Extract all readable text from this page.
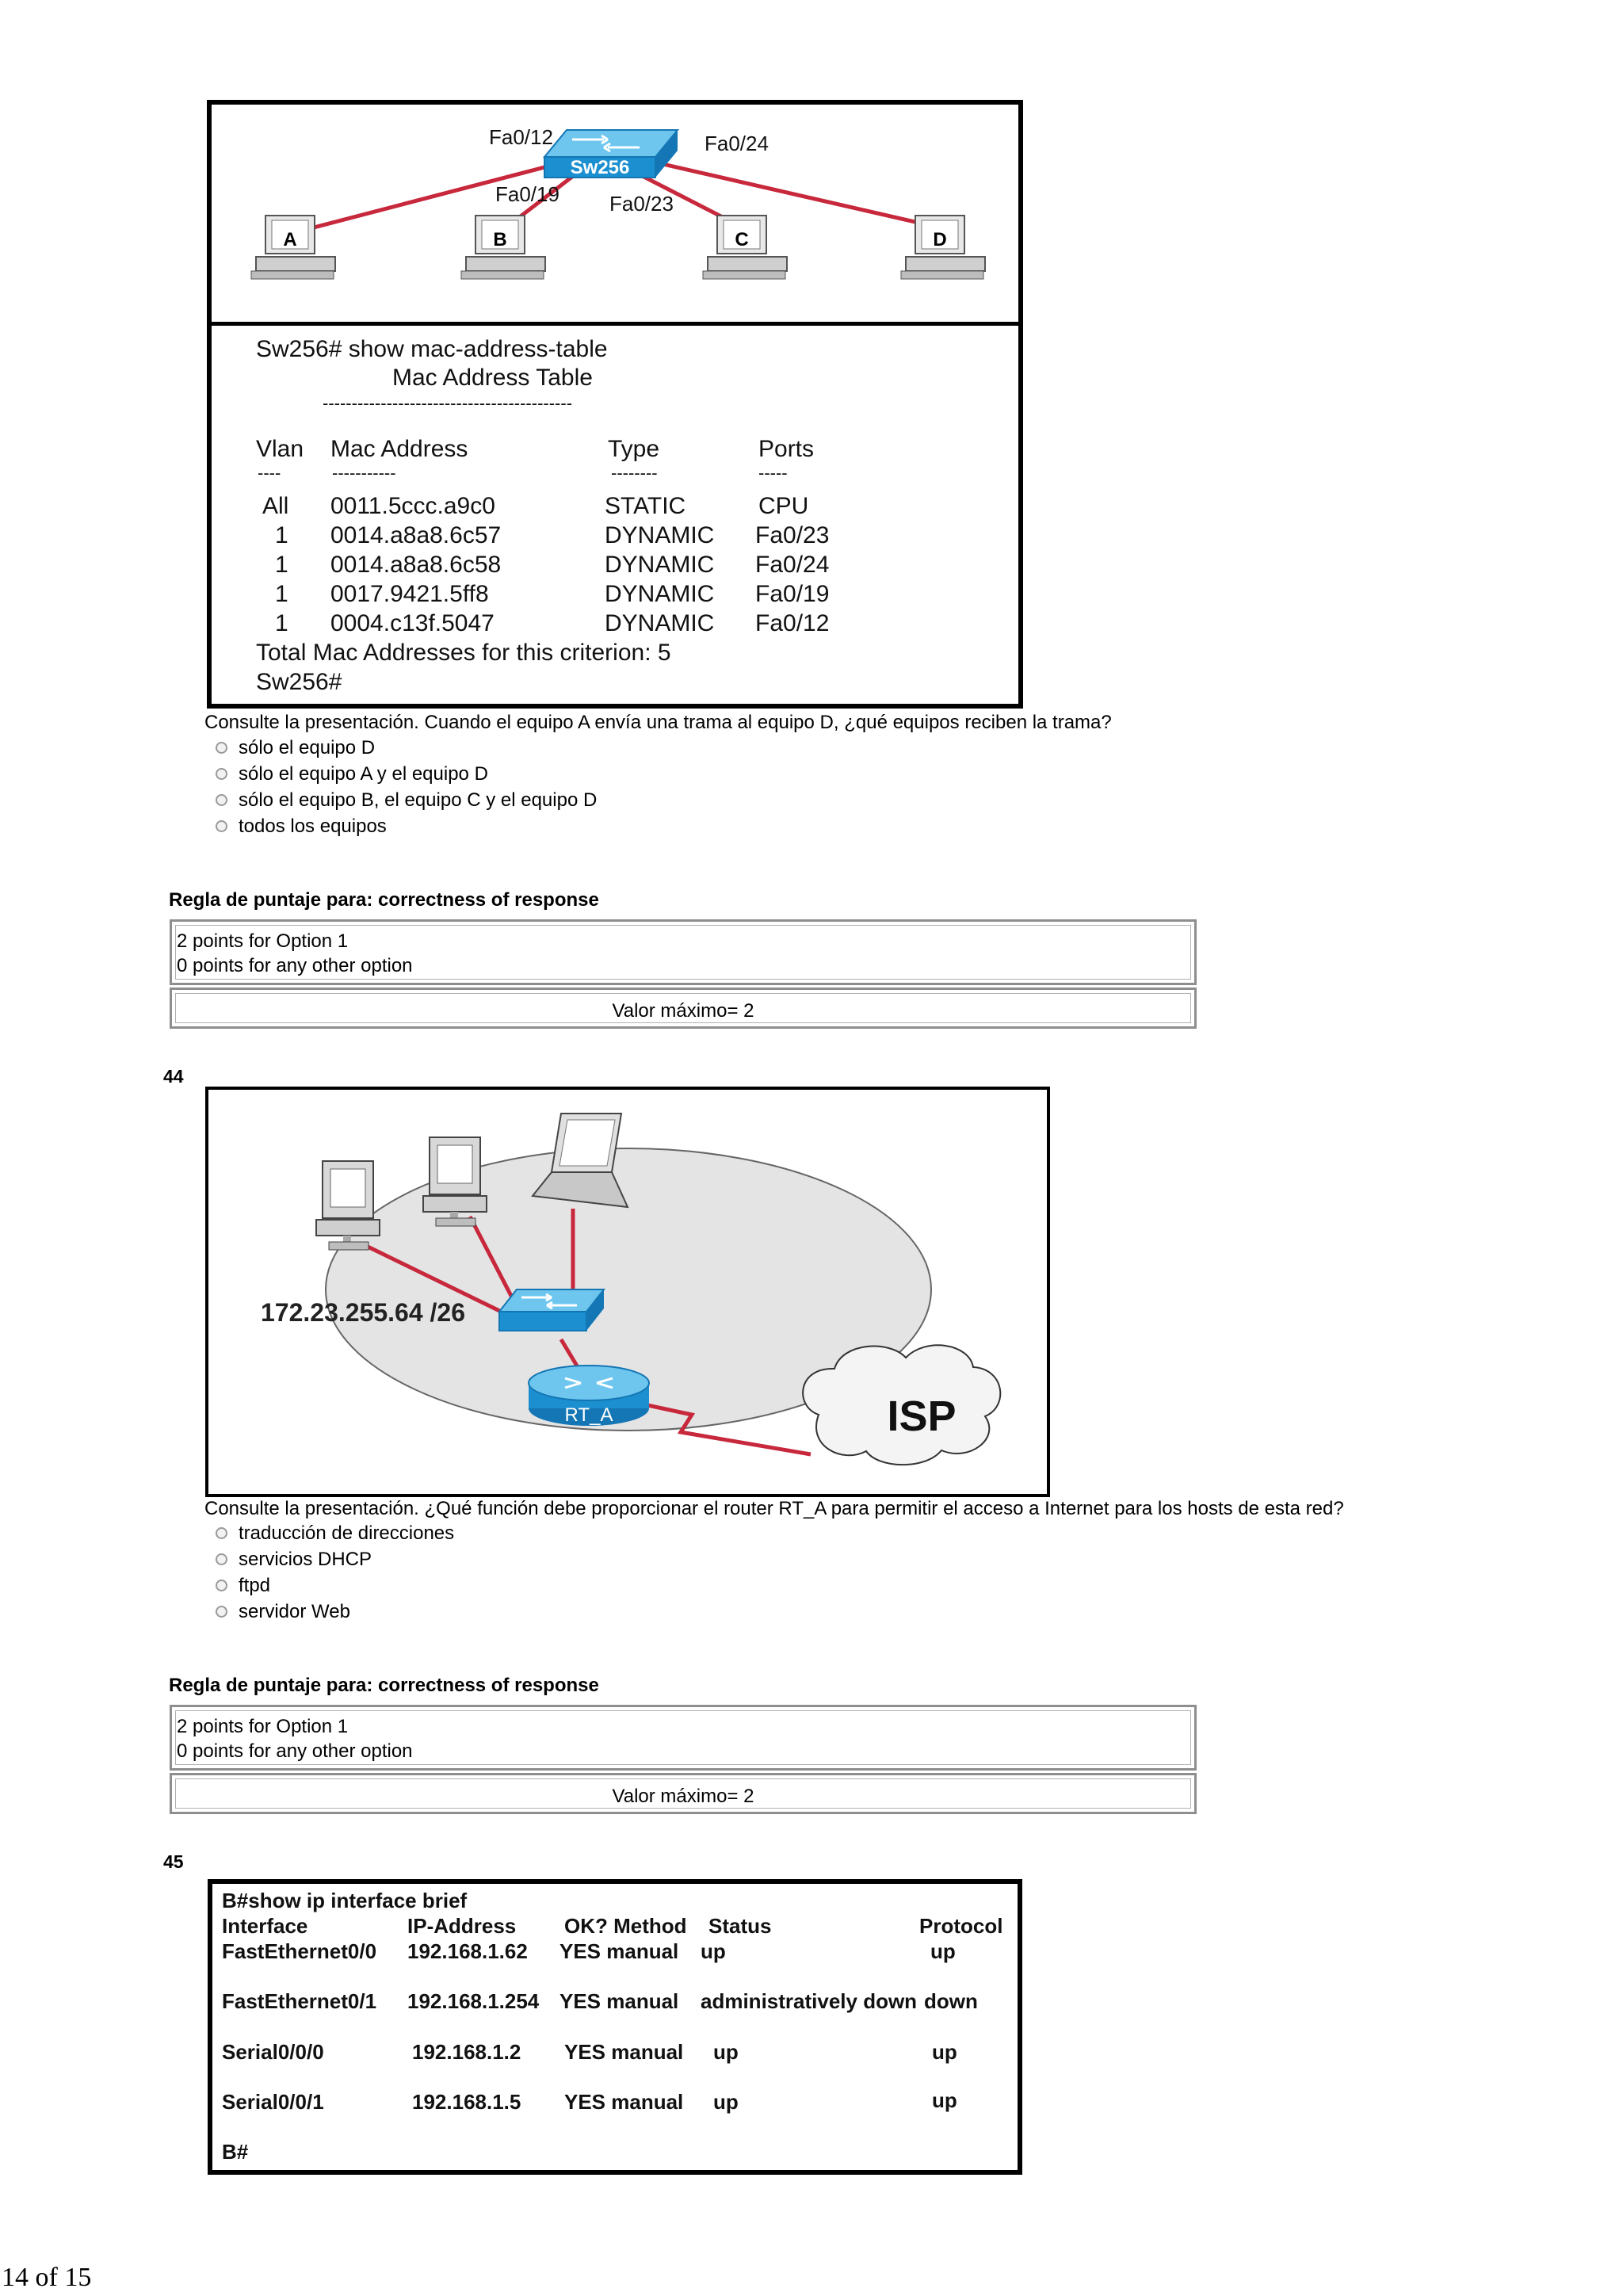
Sw256
Fa0/12
Fa0/19 Fa0/23
Fa0/24
A	B	C	D
Sw256# show mac-address-table
Mac Address Table
-------------------------------------------
Vlan Mac Address	Type	Ports
----	-----------	--------	-----
All 0011.5ccc.a9c0	STATIC	CPU
1 0014.a8a8.6c57	DYNAMIC Fa0/23
1 0014.a8a8.6c58	DYNAMIC Fa0/24
1 0017.9421.5ff8	DYNAMIC Fa0/19
1 0004.c13f.5047	DYNAMIC Fa0/12
Total Mac Addresses for this criterion: 5
Sw256#
Consulte la presentación. Cuando el equipo A envía una trama al equipo D, ¿qué equipos reciben la trama?
sólo el equipo D
sólo el equipo A y el equipo D
sólo el equipo B, el equipo C y el equipo D
todos los equipos
Regla de puntaje para: correctness of response
2 points for Option 1
0 points for any other option
Valor máximo= 2
44
RT_A	ISP
172.23.255.64 /26
Consulte la presentación. ¿Qué función debe proporcionar el router RT_A para permitir el acceso a Internet para los hosts de esta red?
traducción de direcciones
servicios DHCP
ftpd
servidor Web
Regla de puntaje para: correctness of response
2 points for Option 1
0 points for any other option
Valor máximo= 2
45
B#show ip interface brief
Interface	IP-Address OK? Method Status	Protocol
FastEthernet0/0 192.168.1.62 YES manual up	up
FastEthernet0/1 192.168.1.254 YES manual administratively down down
Serial0/0/0	192.168.1.2 YES manual up	up
Serial0/0/1	192.168.1.5 YES manual up	up
B#
14 of 15
